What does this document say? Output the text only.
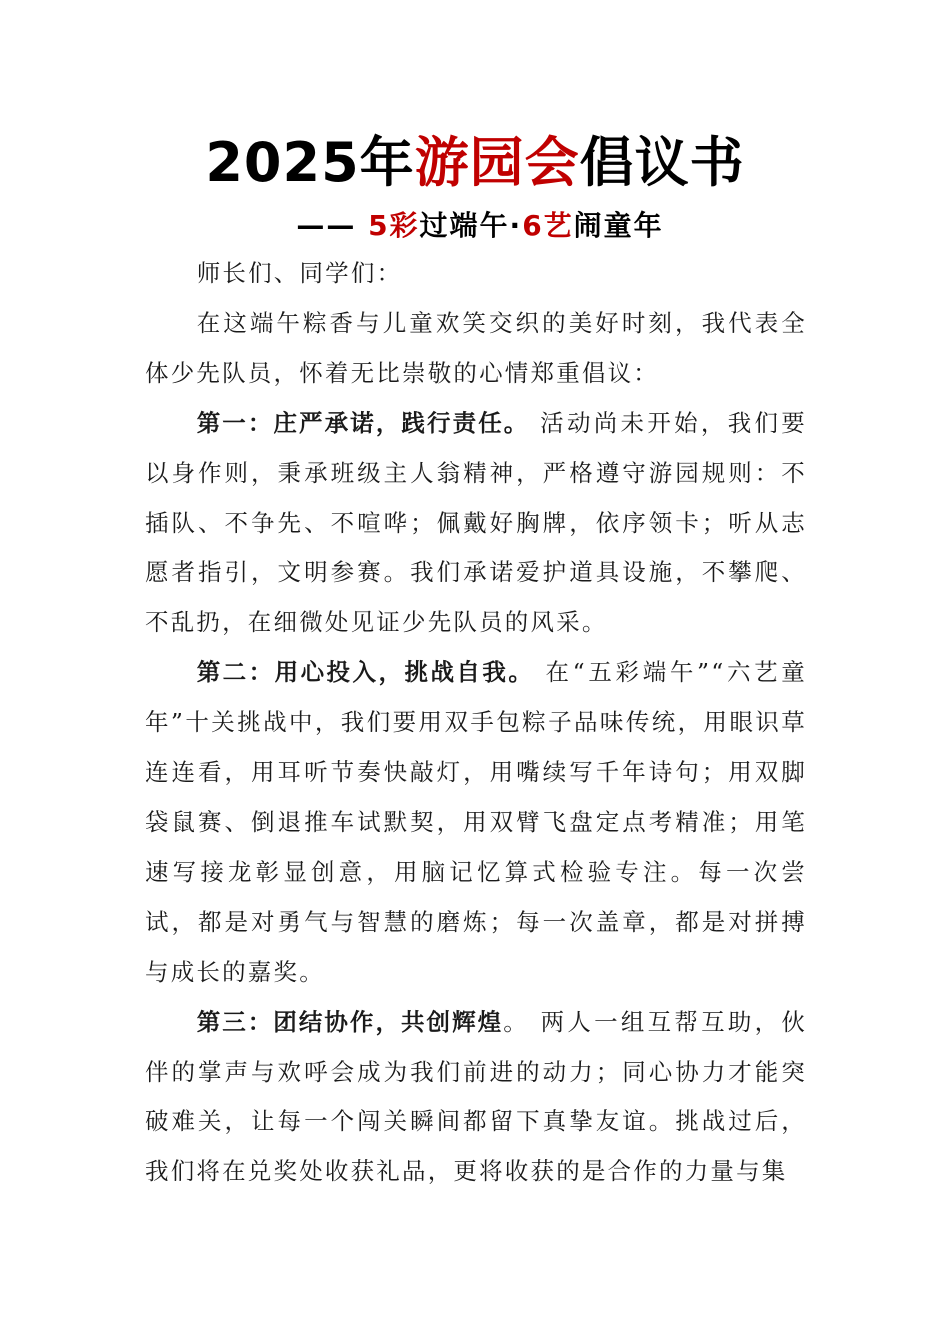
2025年游园会倡议书
—— 5彩过端午·6艺闹童年

师长们、同学们：

在这端午粽香与儿童欢笑交织的美好时刻，我代表全体少先队员，怀着无比崇敬的心情郑重倡议：

第一：庄严承诺，践行责任。 活动尚未开始，我们要以身作则，秉承班级主人翁精神，严格遵守游园规则：不插队、不争先、不喧哗；佩戴好胸牌，依序领卡；听从志愿者指引，文明参赛。我们承诺爱护道具设施，不攀爬、不乱扔，在细微处见证少先队员的风采。

第二：用心投入，挑战自我。 在“五彩端午”“六艺童年”十关挑战中，我们要用双手包粽子品味传统，用眼识草连连看，用耳听节奏快敲灯，用嘴续写千年诗句；用双脚袋鼠赛、倒退推车试默契，用双臂飞盘定点考精准；用笔速写接龙彰显创意，用脑记忆算式检验专注。每一次尝试，都是对勇气与智慧的磨炼；每一次盖章，都是对拼搏与成长的嘉奖。

第三：团结协作，共创辉煌。 两人一组互帮互助，伙伴的掌声与欢呼会成为我们前进的动力；同心协力才能突破难关，让每一个闯关瞬间都留下真挚友谊。挑战过后，我们将在兑奖处收获礼品，更将收获的是合作的力量与集
